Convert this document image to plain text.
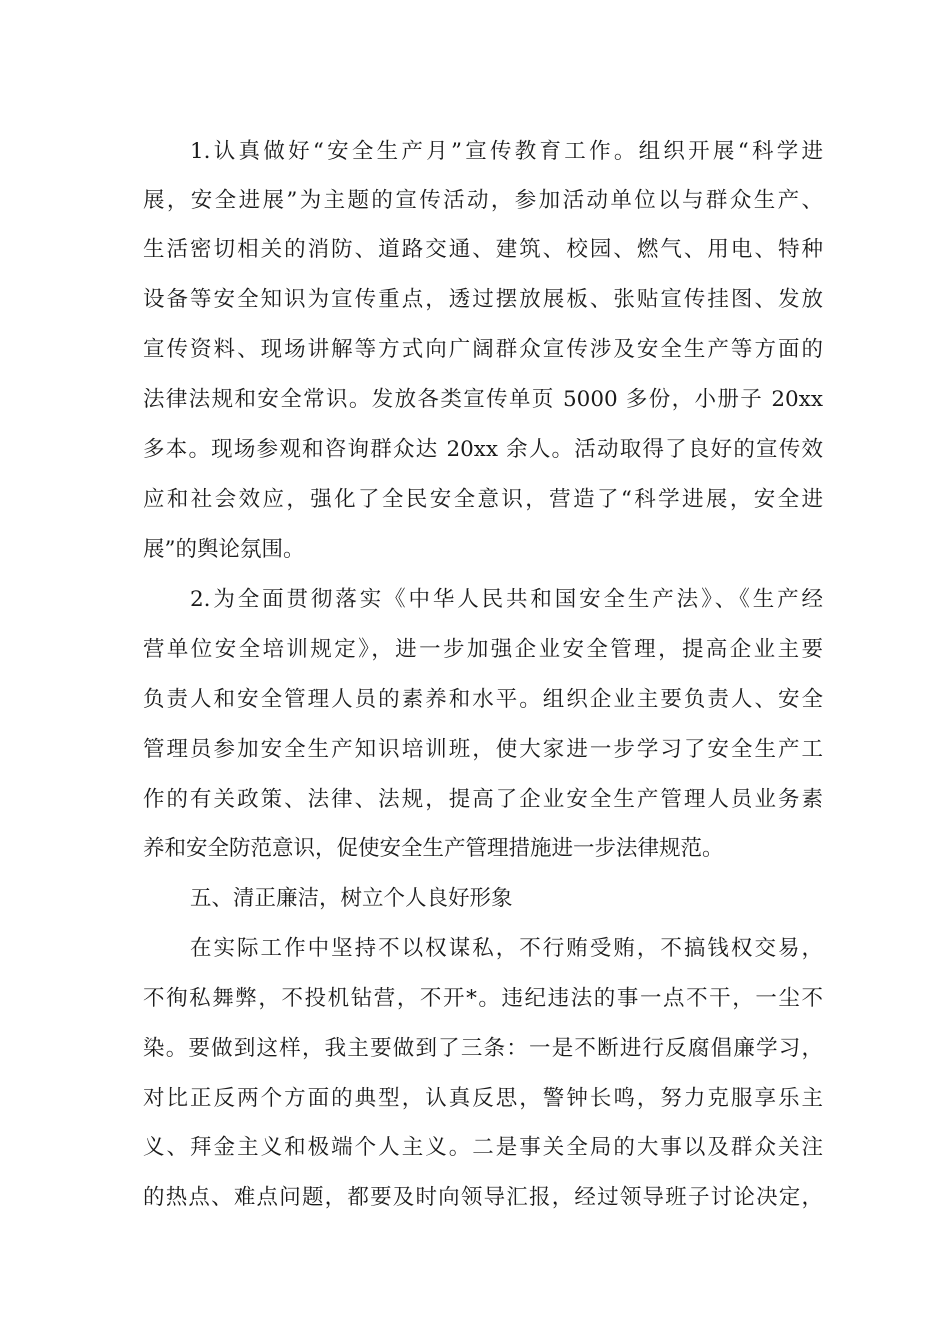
1.认真做好“安全生产月”宣传教育工作。组织开展“科学进
展，安全进展”为主题的宣传活动，参加活动单位以与群众生产、
生活密切相关的消防、道路交通、建筑、校园、燃气、用电、特种
设备等安全知识为宣传重点，透过摆放展板、张贴宣传挂图、发放
宣传资料、现场讲解等方式向广阔群众宣传涉及安全生产等方面的
法律法规和安全常识。发放各类宣传单页 5000 多份，小册子 20xx
多本。现场参观和咨询群众达 20xx 余人。活动取得了良好的宣传效
应和社会效应，强化了全民安全意识，营造了“科学进展，安全进
展”的舆论氛围。
2.为全面贯彻落实《中华人民共和国安全生产法》、《生产经
营单位安全培训规定》，进一步加强企业安全管理，提高企业主要
负责人和安全管理人员的素养和水平。组织企业主要负责人、安全
管理员参加安全生产知识培训班，使大家进一步学习了安全生产工
作的有关政策、法律、法规，提高了企业安全生产管理人员业务素
养和安全防范意识，促使安全生产管理措施进一步法律规范。
五、清正廉洁，树立个人良好形象
在实际工作中坚持不以权谋私，不行贿受贿，不搞钱权交易，
不徇私舞弊，不投机钻营，不开*。违纪违法的事一点不干，一尘不
染。要做到这样，我主要做到了三条：一是不断进行反腐倡廉学习，
对比正反两个方面的典型，认真反思，警钟长鸣，努力克服享乐主
义、拜金主义和极端个人主义。二是事关全局的大事以及群众关注
的热点、难点问题，都要及时向领导汇报，经过领导班子讨论决定，
